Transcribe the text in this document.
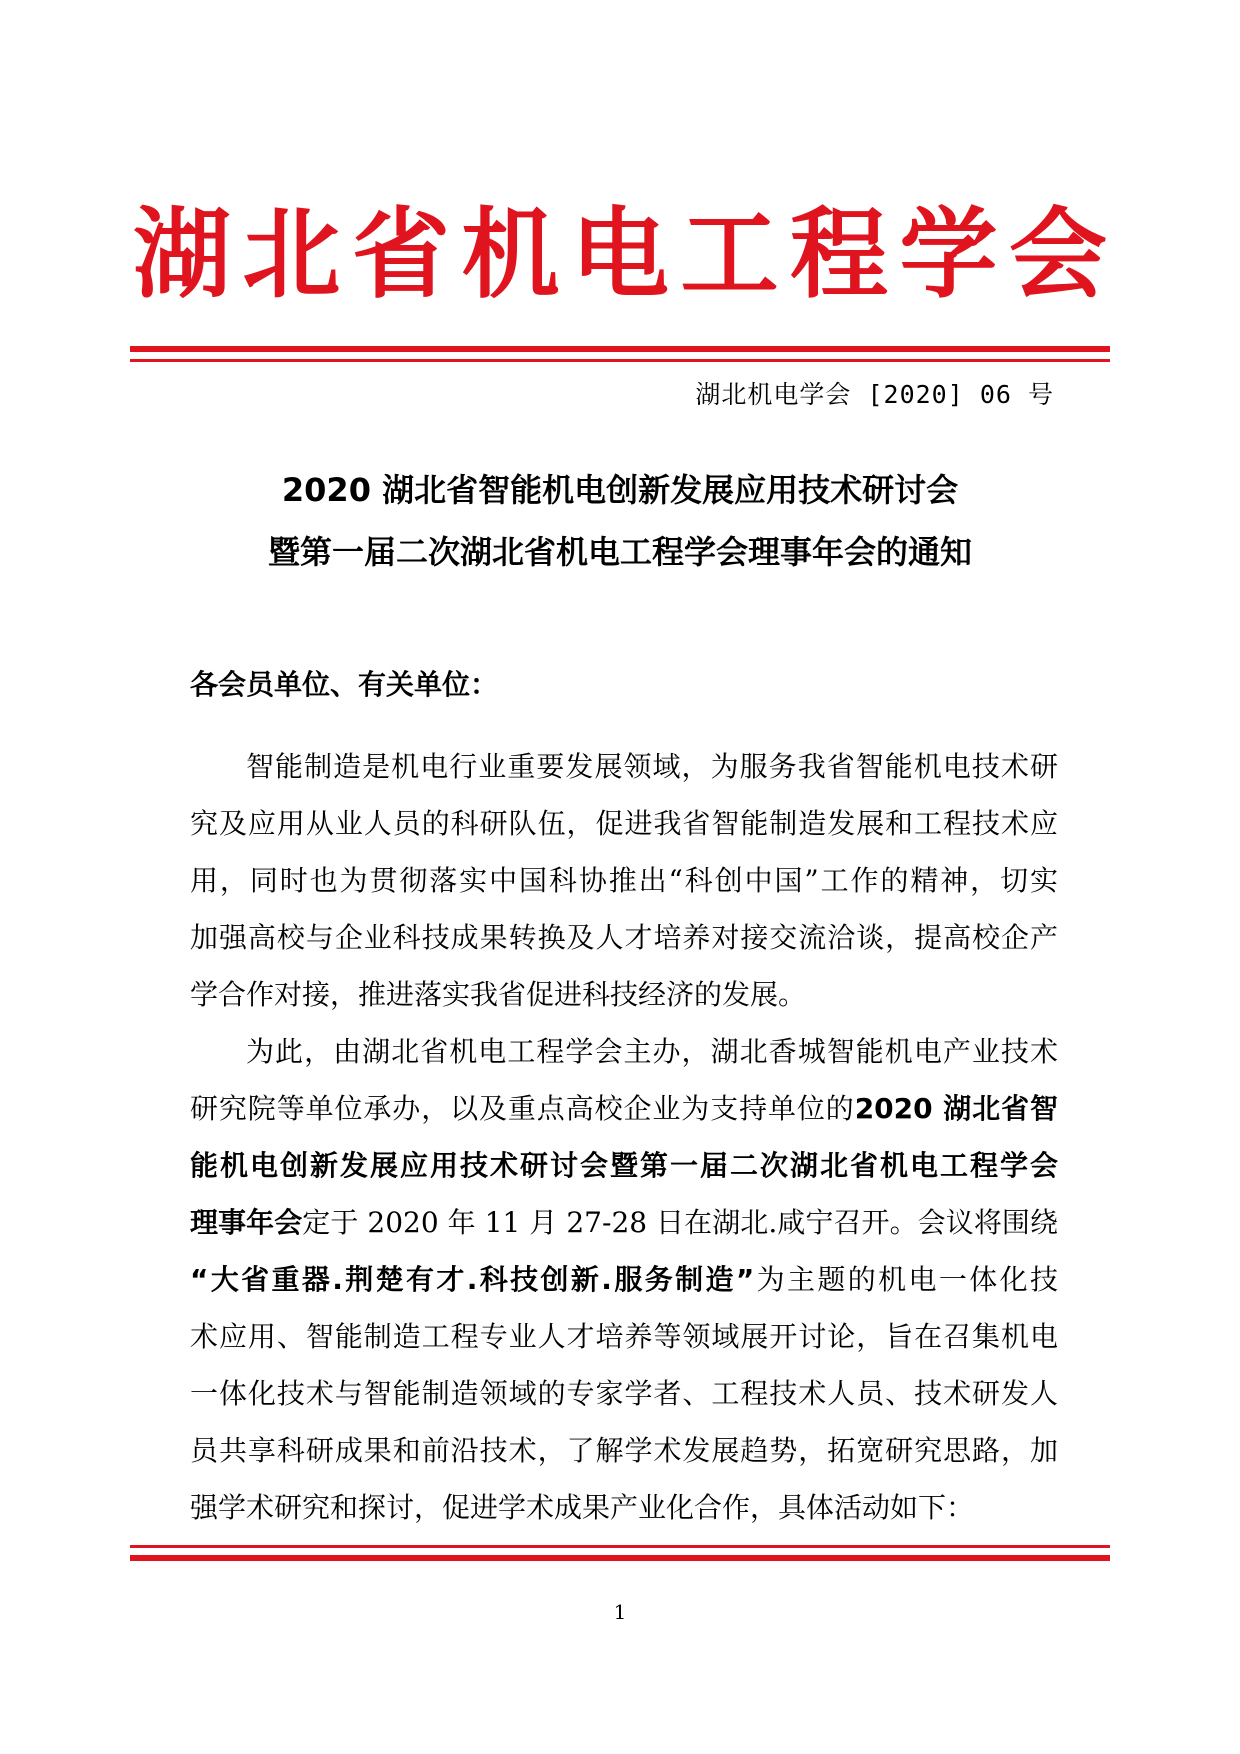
湖 北 省 机 电 工 程 学 会
湖北机电学会 [2020] 06 号
2020 湖北省智能机电创新发展应用技术研讨会
暨第一届二次湖北省机电工程学会理事年会的通知
各会员单位、有关单位：
智能制造是机电行业重要发展领域，为服务我省智能机电技术研
究及应用从业人员的科研队伍，促进我省智能制造发展和工程技术应
用，同时也为贯彻落实中国科协推出“科创中国”工作的精神，切实
加强高校与企业科技成果转换及人才培养对接交流洽谈，提高校企产
学合作对接，推进落实我省促进科技经济的发展。
为此，由湖北省机电工程学会主办，湖北香城智能机电产业技术
研究院等单位承办，以及重点高校企业为支持单位的2020 湖北省智
能机电创新发展应用技术研讨会暨第一届二次湖北省机电工程学会
理事年会定于 2020 年 11 月 27-28 日在湖北.咸宁召开。会议将围绕
“大省重器.荆楚有才.科技创新.服务制造”为主题的机电一体化技
术应用、智能制造工程专业人才培养等领域展开讨论，旨在召集机电
一体化技术与智能制造领域的专家学者、工程技术人员、技术研发人
员共享科研成果和前沿技术，了解学术发展趋势，拓宽研究思路，加
强学术研究和探讨，促进学术成果产业化合作，具体活动如下：
1
